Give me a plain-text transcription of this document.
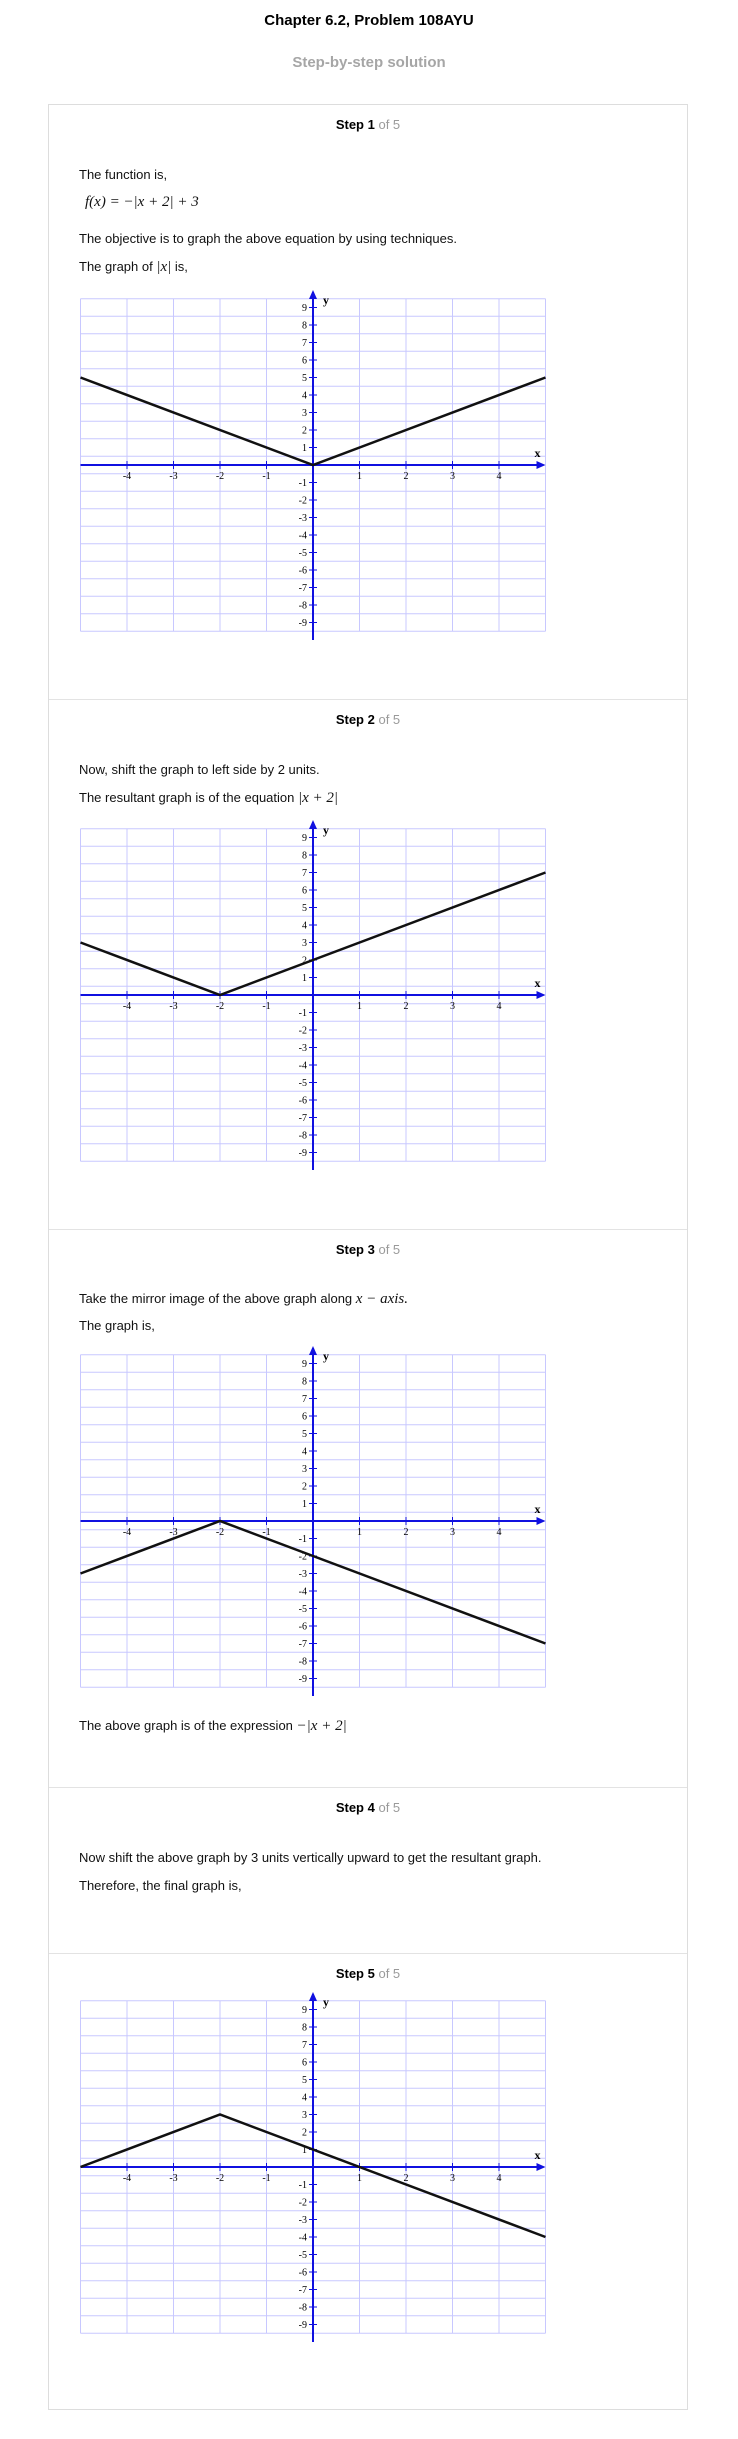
Chapter 6.2, Problem 108AYU
Step-by-step solution
Step 1 of 5
The function is,
f(x) = −|x + 2| + 3
The objective is to graph the above equation by using techniques.
The graph of |x| is,
x
y
-4	-3	-2	-1	1	2	3	4
9
8
7
6
5
4
3
2
1
-1
-2
-3
-4
-5
-6
-7
-8
-9
Step 2 of 5
Now, shift the graph to left side by 2 units.
The resultant graph is of the equation |x + 2|
x
y
-4	-3	-2	-1	1	2	3	4
9
8
7
6
5
4
3
2
1
-1
-2
-3
-4
-5
-6
-7
-8
-9
Step 3 of 5
Take the mirror image of the above graph along x − axis.
The graph is,
x
y
-4	-3	-2	-1	1	2	3	4
9
8
7
6
5
4
3
2
1
-1
-2
-3
-4
-5
-6
-7
-8
-9
The above graph is of the expression −|x + 2|
Step 4 of 5
Now shift the above graph by 3 units vertically upward to get the resultant graph.
Therefore, the final graph is,
Step 5 of 5
x
y
-4	-3	-2	-1	1	2	3	4
9
8
7
6
5
4
3
2
1
-1
-2
-3
-4
-5
-6
-7
-8
-9
